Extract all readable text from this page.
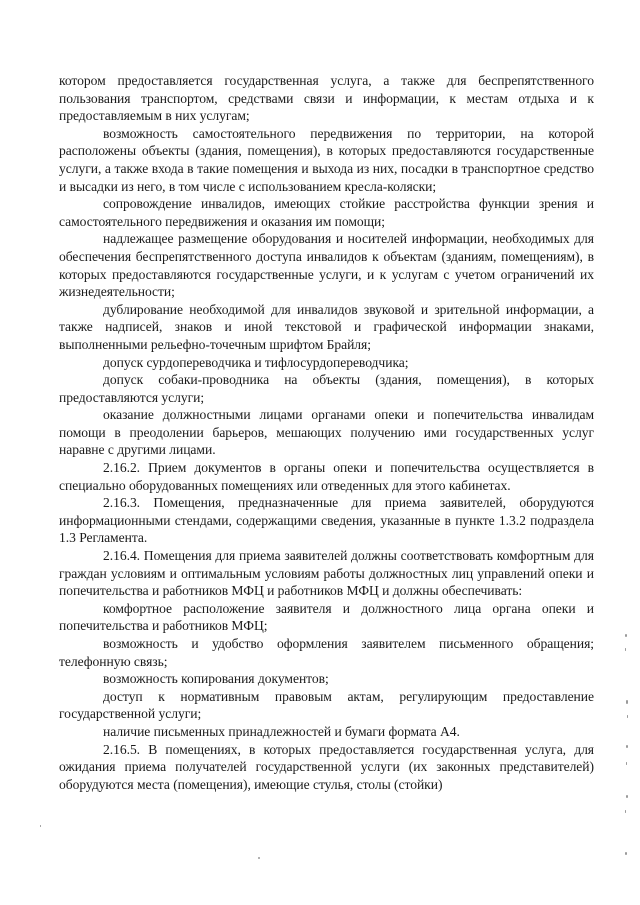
котором предоставляется государственная услуга, а также для беспрепятственного пользования транспортом, средствами связи и информации, к местам отдыха и к предоставляемым в них услугам;

возможность самостоятельного передвижения по территории, на которой расположены объекты (здания, помещения), в которых предоставляются государственные услуги, а также входа в такие помещения и выхода из них, посадки в транспортное средство и высадки из него, в том числе с использованием кресла-коляски;

сопровождение инвалидов, имеющих стойкие расстройства функции зрения и самостоятельного передвижения и оказания им помощи;

надлежащее размещение оборудования и носителей информации, необходимых для обеспечения беспрепятственного доступа инвалидов к объектам (зданиям, помещениям), в которых предоставляются государственные услуги, и к услугам с учетом ограничений их жизнедеятельности;

дублирование необходимой для инвалидов звуковой и зрительной информации, а также надписей, знаков и иной текстовой и графической информации знаками, выполненными рельефно-точечным шрифтом Брайля;

допуск сурдопереводчика и тифлосурдопереводчика;

допуск собаки-проводника на объекты (здания, помещения), в которых предоставляются услуги;

оказание должностными лицами органами опеки и попечительства инвалидам помощи в преодолении барьеров, мешающих получению ими государственных услуг наравне с другими лицами.

2.16.2. Прием документов в органы опеки и попечительства осуществляется в специально оборудованных помещениях или отведенных для этого кабинетах.

2.16.3. Помещения, предназначенные для приема заявителей, оборудуются информационными стендами, содержащими сведения, указанные в пункте 1.3.2 подраздела 1.3 Регламента.

2.16.4. Помещения для приема заявителей должны соответствовать комфортным для граждан условиям и оптимальным условиям работы должностных лиц управлений опеки и попечительства и работников МФЦ и работников МФЦ и должны обеспечивать:

комфортное расположение заявителя и должностного лица органа опеки и попечительства и работников МФЦ;

возможность и удобство оформления заявителем письменного обращения; телефонную связь;

возможность копирования документов;

доступ к нормативным правовым актам, регулирующим предоставление государственной услуги;

наличие письменных принадлежностей и бумаги формата А4.

2.16.5. В помещениях, в которых предоставляется государственная услуга, для ожидания приема получателей государственной услуги (их законных представителей) оборудуются места (помещения), имеющие стулья, столы (стойки)
